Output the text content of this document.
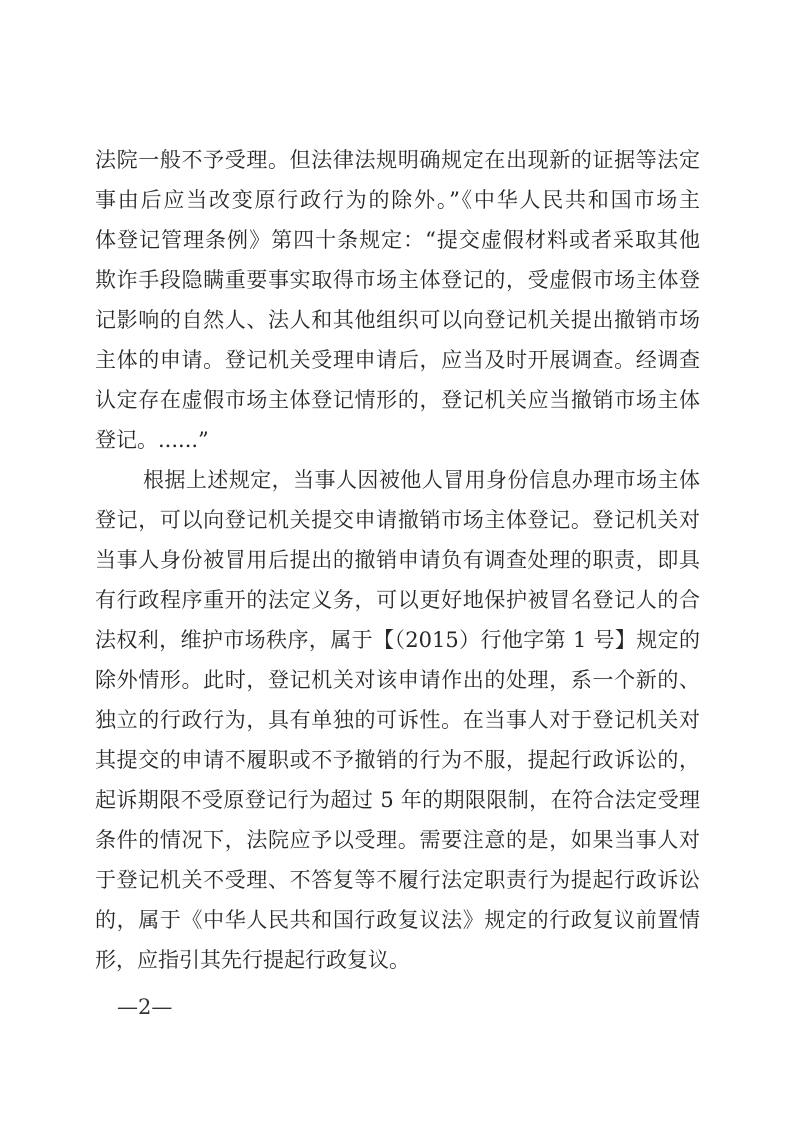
法院一般不予受理。但法律法规明确规定在出现新的证据等法定
事由后应当改变原行政行为的除外。”《中华人民共和国市场主
体登记管理条例》第四十条规定：“提交虚假材料或者采取其他
欺诈手段隐瞒重要事实取得市场主体登记的，受虚假市场主体登
记影响的自然人、法人和其他组织可以向登记机关提出撤销市场
主体的申请。登记机关受理申请后，应当及时开展调查。经调查
认定存在虚假市场主体登记情形的，登记机关应当撤销市场主体
登记。......”
根据上述规定，当事人因被他人冒用身份信息办理市场主体
登记，可以向登记机关提交申请撤销市场主体登记。登记机关对
当事人身份被冒用后提出的撤销申请负有调查处理的职责，即具
有行政程序重开的法定义务，可以更好地保护被冒名登记人的合
法权利，维护市场秩序，属于【（2015）行他字第 1 号】规定的
除外情形。此时，登记机关对该申请作出的处理，系一个新的、
独立的行政行为，具有单独的可诉性。在当事人对于登记机关对
其提交的申请不履职或不予撤销的行为不服，提起行政诉讼的，
起诉期限不受原登记行为超过 5 年的期限限制，在符合法定受理
条件的情况下，法院应予以受理。需要注意的是，如果当事人对
于登记机关不受理、不答复等不履行法定职责行为提起行政诉讼
的，属于《中华人民共和国行政复议法》规定的行政复议前置情
形，应指引其先行提起行政复议。
—2—
